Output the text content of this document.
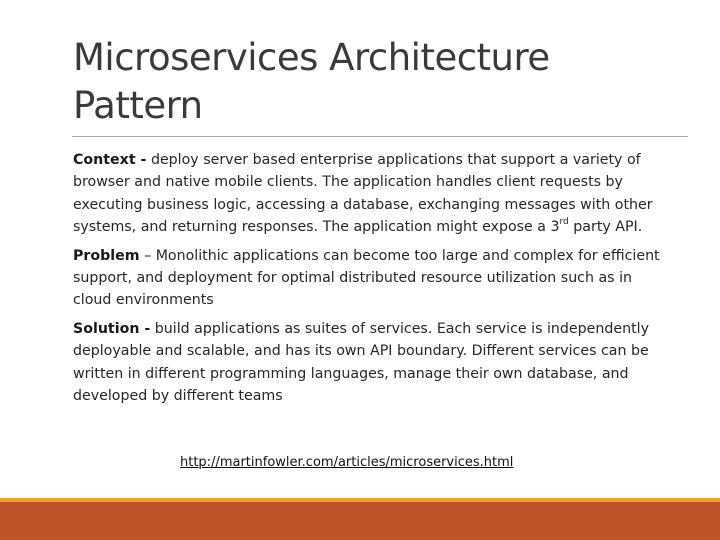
Microservices Architecture Pattern

Context - deploy server based enterprise applications that support a variety of browser and native mobile clients. The application handles client requests by executing business logic, accessing a database, exchanging messages with other systems, and returning responses. The application might expose a 3rd party API.

Problem – Monolithic applications can become too large and complex for efficient support, and deployment for optimal distributed resource utilization such as in cloud environments

Solution - build applications as suites of services. Each service is independently deployable and scalable, and has its own API boundary. Different services can be written in different programming languages, manage their own database, and developed by different teams

http://martinfowler.com/articles/microservices.html
